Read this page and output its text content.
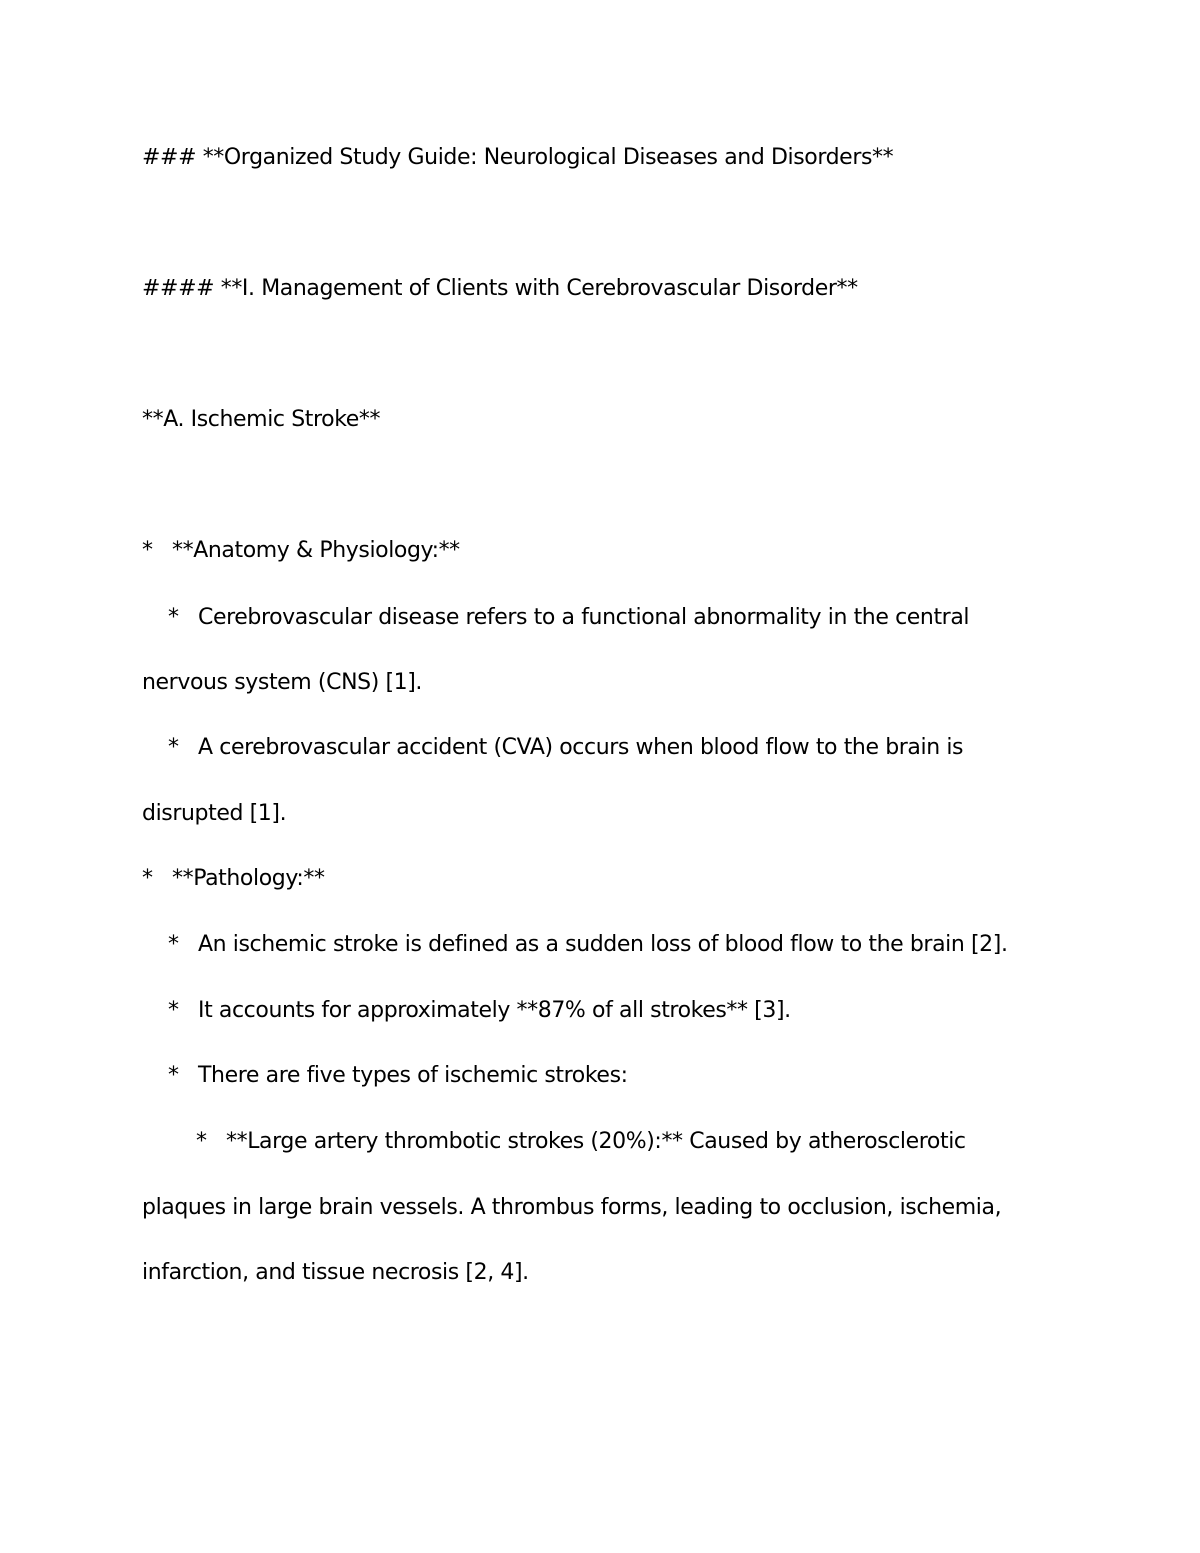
### **Organized Study Guide: Neurological Diseases and Disorders**
#### **I. Management of Clients with Cerebrovascular Disorder**
**A. Ischemic Stroke**
* **Anatomy & Physiology:**
* Cerebrovascular disease refers to a functional abnormality in the central
nervous system (CNS) [1].
* A cerebrovascular accident (CVA) occurs when blood flow to the brain is
disrupted [1].
* **Pathology:**
* An ischemic stroke is defined as a sudden loss of blood flow to the brain [2].
* It accounts for approximately **87% of all strokes** [3].
* There are five types of ischemic strokes:
* **Large artery thrombotic strokes (20%):** Caused by atherosclerotic
plaques in large brain vessels. A thrombus forms, leading to occlusion, ischemia,
infarction, and tissue necrosis [2, 4].
